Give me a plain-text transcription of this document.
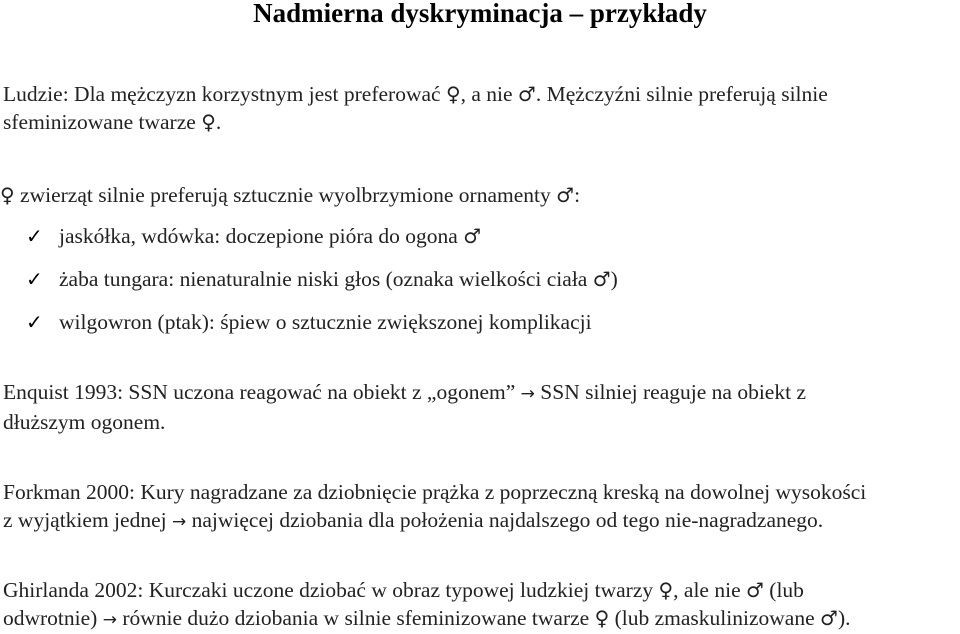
Nadmierna dyskryminacja – przykłady
Ludzie: Dla mężczyzn korzystnym jest preferować ♀, a nie ♂. Mężczyźni silnie preferują silnie
sfeminizowane twarze ♀.
♀ zwierząt silnie preferują sztucznie wyolbrzymione ornamenty ♂:
✓ jaskółka, wdówka: doczepione pióra do ogona ♂
✓ żaba tungara: nienaturalnie niski głos (oznaka wielkości ciała ♂)
✓ wilgowron (ptak): śpiew o sztucznie zwiększonej komplikacji
Enquist 1993: SSN uczona reagować na obiekt z „ogonem” → SSN silniej reaguje na obiekt z
dłuższym ogonem.
Forkman 2000: Kury nagradzane za dziobnięcie prążka z poprzeczną kreską na dowolnej wysokości
z wyjątkiem jednej → najwięcej dziobania dla położenia najdalszego od tego nie-nagradzanego.
Ghirlanda 2002: Kurczaki uczone dziobać w obraz typowej ludzkiej twarzy ♀, ale nie ♂ (lub
odwrotnie) → równie dużo dziobania w silnie sfeminizowane twarze ♀ (lub zmaskulinizowane ♂).
